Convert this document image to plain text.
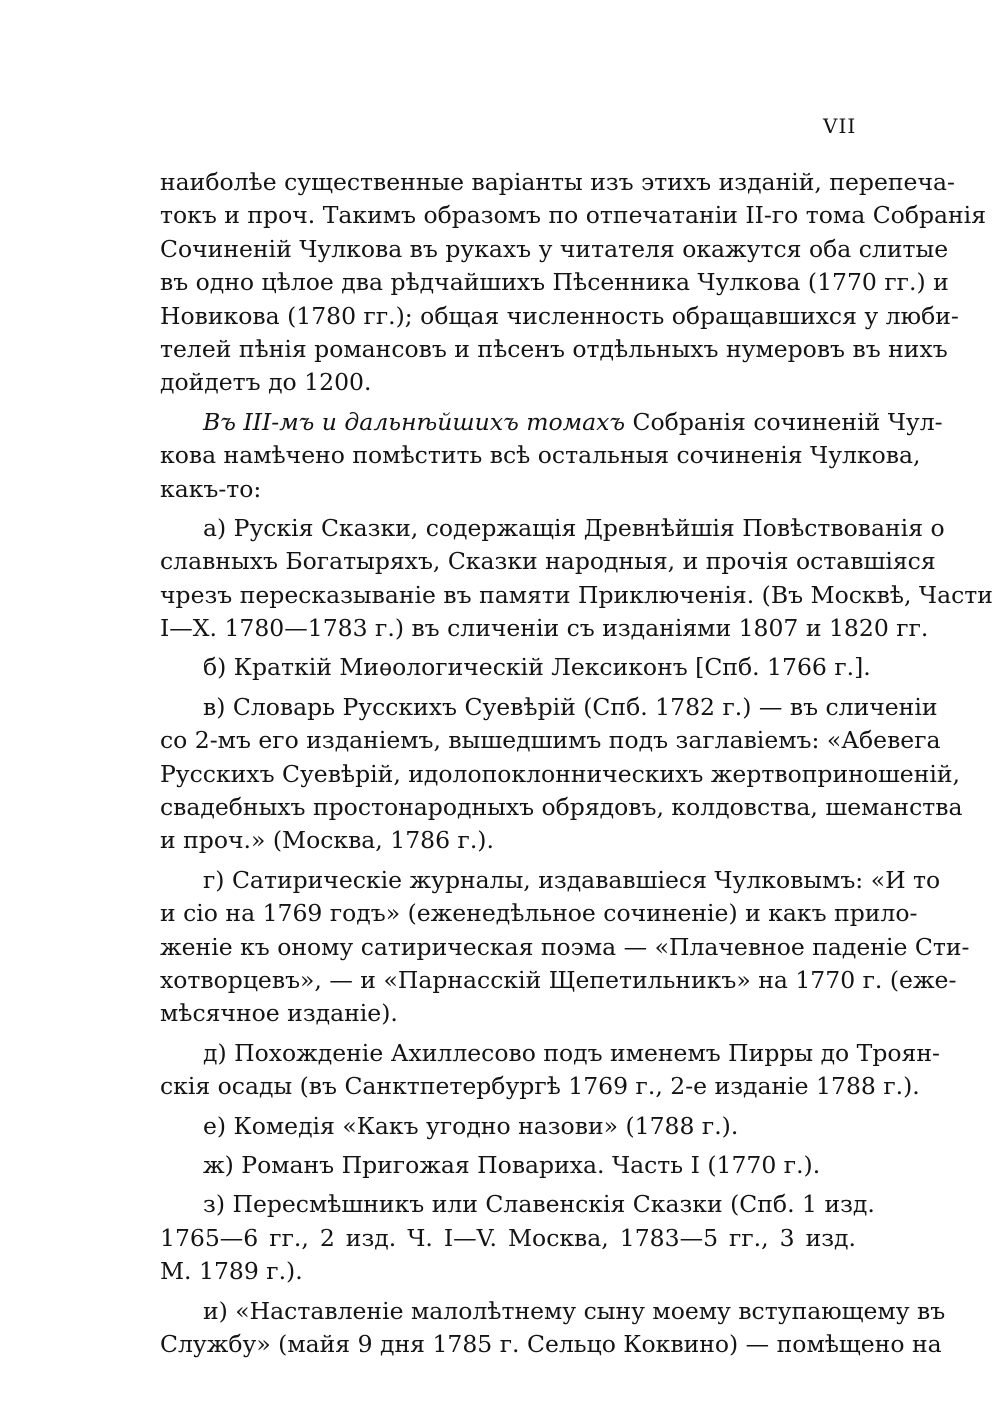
VII
наиболѣе существенные варіанты изъ этихъ изданій, перепеча-
токъ и проч. Такимъ образомъ по отпечатаніи II-го тома Собранія
Сочиненій Чулкова въ рукахъ у читателя окажутся оба слитые
въ одно цѣлое два рѣдчайшихъ Пѣсенника Чулкова (1770 гг.) и
Новикова (1780 гг.); общая численность обращавшихся у люби-
телей пѣнія романсовъ и пѣсенъ отдѣльныхъ нумеровъ въ нихъ
дойдетъ до 1200.
Въ III-мъ и дальнѣйшихъ томахъ Собранія сочиненій Чул-
кова намѣчено помѣстить всѣ остальныя сочиненія Чулкова,
какъ-то:
а) Рускія Сказки, содержащія Древнѣйшія Повѣствованія о
славныхъ Богатыряхъ, Сказки народныя, и прочія оставшіяся
чрезъ пересказываніе въ памяти Приключенія. (Въ Москвѣ, Части
I—X. 1780—1783 г.) въ сличеніи съ изданіями 1807 и 1820 гг.
б) Краткій Миѳологическій Лексиконъ [Спб. 1766 г.].
в) Словарь Русскихъ Суевѣрій (Спб. 1782 г.) — въ сличеніи
со 2-мъ его изданіемъ, вышедшимъ подъ заглавіемъ: «Абевега
Русскихъ Суевѣрій, идолопоклонническихъ жертвоприношеній,
свадебныхъ простонародныхъ обрядовъ, колдовства, шеманства
и проч.» (Москва, 1786 г.).
г) Сатирическіе журналы, издававшіеся Чулковымъ: «И то
и сіо на 1769 годъ» (еженедѣльное сочиненіе) и какъ прило-
женіе къ оному сатирическая поэма — «Плачевное паденіе Сти-
хотворцевъ», — и «Парнасскій Щепетильникъ» на 1770 г. (еже-
мѣсячное изданіе).
д) Похожденіе Ахиллесово подъ именемъ Пирры до Троян-
скія осады (въ Санктпетербургѣ 1769 г., 2-е изданіе 1788 г.).
е) Комедія «Какъ угодно назови» (1788 г.).
ж) Романъ Пригожая Повариха. Часть I (1770 г.).
з) Пересмѣшникъ или Славенскія Сказки (Спб. 1 изд.
1765—6 гг., 2 изд. Ч. I—V. Москва, 1783—5 гг., 3 изд.
М. 1789 г.).
и) «Наставленіе малолѣтнему сыну моему вступающему въ
Службу» (майя 9 дня 1785 г. Сельцо Коквино) — помѣщено на
